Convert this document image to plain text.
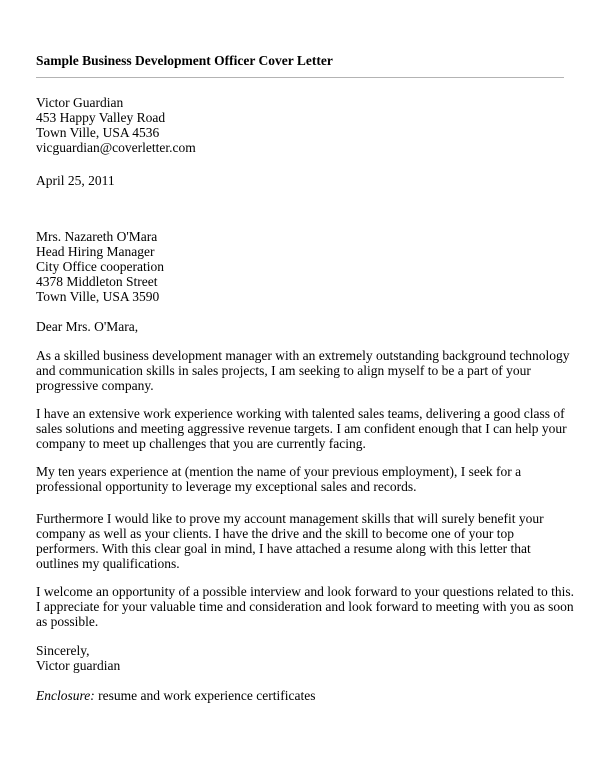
Sample Business Development Officer Cover Letter
Victor Guardian
453 Happy Valley Road
Town Ville, USA 4536
vicguardian@coverletter.com
April 25, 2011
Mrs. Nazareth O'Mara
Head Hiring Manager
City Office cooperation
4378 Middleton Street
Town Ville, USA 3590
Dear Mrs. O'Mara,
As a skilled business development manager with an extremely outstanding background technology
and communication skills in sales projects, I am seeking to align myself to be a part of your
progressive company.
I have an extensive work experience working with talented sales teams, delivering a good class of
sales solutions and meeting aggressive revenue targets. I am confident enough that I can help your
company to meet up challenges that you are currently facing.
My ten years experience at (mention the name of your previous employment), I seek for a
professional opportunity to leverage my exceptional sales and records.
Furthermore I would like to prove my account management skills that will surely benefit your
company as well as your clients. I have the drive and the skill to become one of your top
performers. With this clear goal in mind, I have attached a resume along with this letter that
outlines my qualifications.
I welcome an opportunity of a possible interview and look forward to your questions related to this.
I appreciate for your valuable time and consideration and look forward to meeting with you as soon
as possible.
Sincerely,
Victor guardian
Enclosure: resume and work experience certificates
